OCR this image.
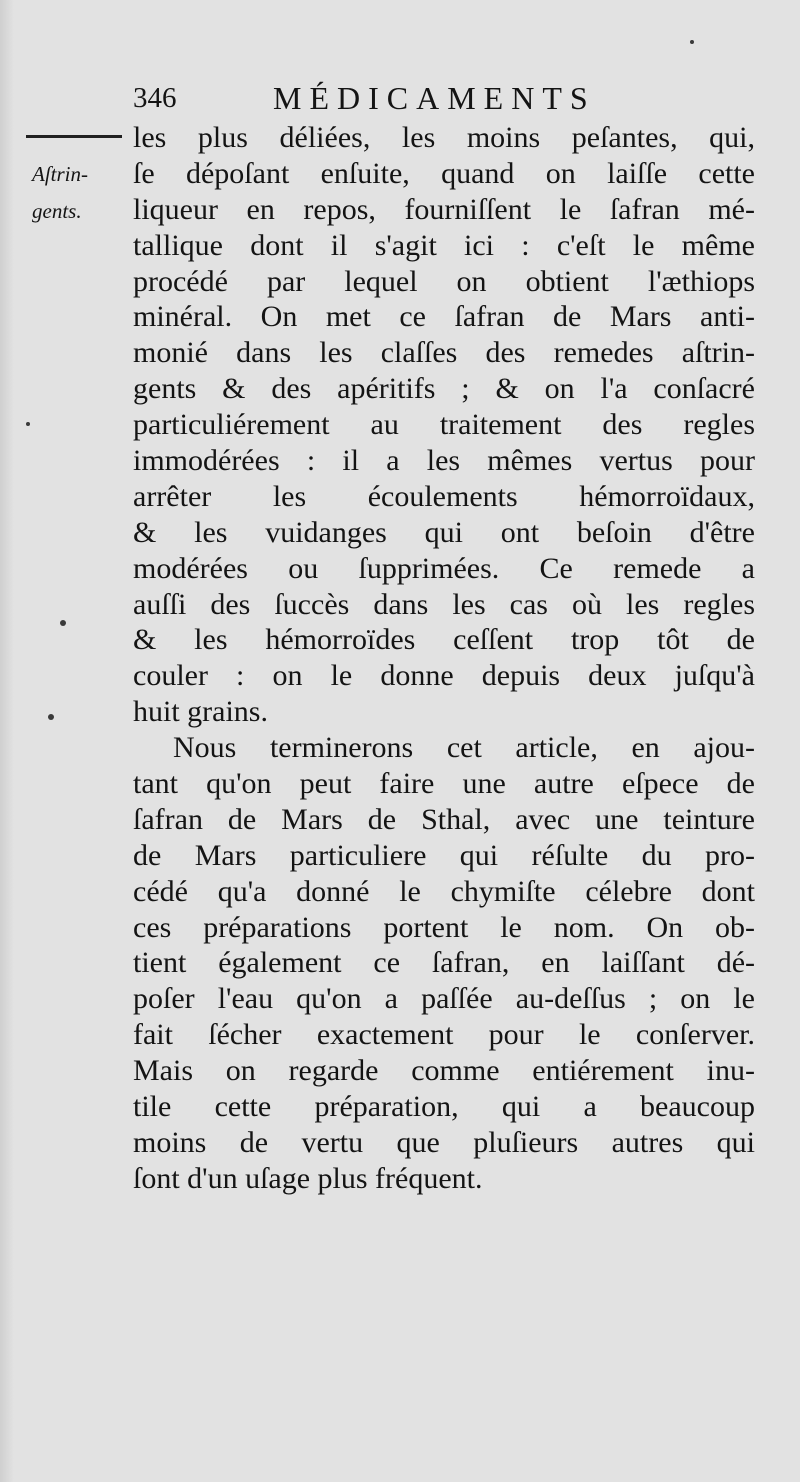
346	MÉDICAMENTS
Aſtrin-
gents.
les plus déliées, les moins peſantes, qui,
ſe dépoſant enſuite, quand on laiſſe cette
liqueur en repos, fourniſſent le ſafran mé-
tallique dont il s'agit ici : c'eſt le même
procédé par lequel on obtient l'æthiops
minéral. On met ce ſafran de Mars anti-
monié dans les claſſes des remedes aſtrin-
gents & des apéritifs ; & on l'a conſacré
particuliérement au traitement des regles
immodérées : il a les mêmes vertus pour
arrêter les écoulements hémorroïdaux,
& les vuidanges qui ont beſoin d'être
modérées ou ſupprimées. Ce remede a
auſſi des ſuccès dans les cas où les regles
& les hémorroïdes ceſſent trop tôt de
couler : on le donne depuis deux juſqu'à
huit grains.
Nous terminerons cet article, en ajou-
tant qu'on peut faire une autre eſpece de
ſafran de Mars de Sthal, avec une teinture
de Mars particuliere qui réſulte du pro-
cédé qu'a donné le chymiſte célebre dont
ces préparations portent le nom. On ob-
tient également ce ſafran, en laiſſant dé-
poſer l'eau qu'on a paſſée au-deſſus ; on le
fait ſécher exactement pour le conſerver.
Mais on regarde comme entiérement inu-
tile cette préparation, qui a beaucoup
moins de vertu que pluſieurs autres qui
ſont d'un uſage plus fréquent.
